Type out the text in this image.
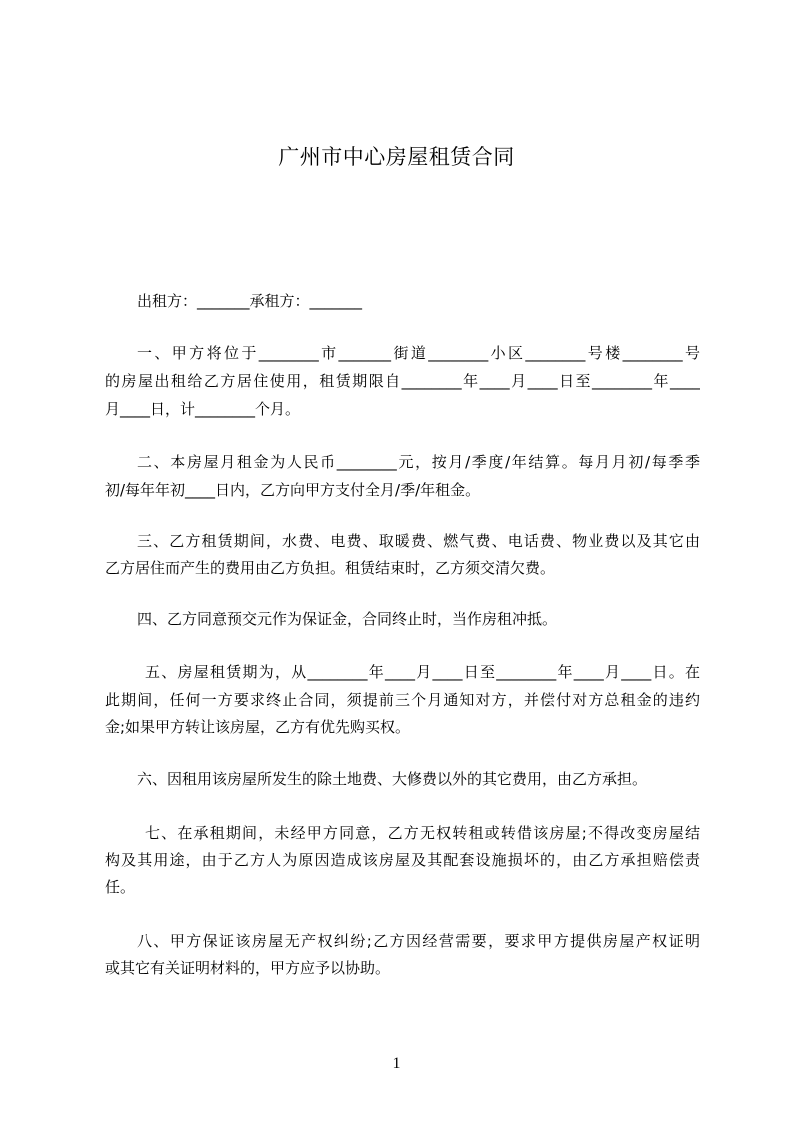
广州市中心房屋租赁合同
出租方：_______承租方：_______
一、甲方将位于________市_______街道________小区________号楼________号
的房屋出租给乙方居住使用，租赁期限自________年____月____日至________年____
月____日，计________个月。
二、本房屋月租金为人民币________元，按月/季度/年结算。每月月初/每季季
初/每年年初____日内，乙方向甲方支付全月/季/年租金。
三、乙方租赁期间，水费、电费、取暖费、燃气费、电话费、物业费以及其它由
乙方居住而产生的费用由乙方负担。租赁结束时，乙方须交清欠费。
四、乙方同意预交元作为保证金，合同终止时，当作房租冲抵。
五、房屋租赁期为，从________年____月____日至________年____月____日。在
此期间，任何一方要求终止合同，须提前三个月通知对方，并偿付对方总租金的违约
金;如果甲方转让该房屋，乙方有优先购买权。
六、因租用该房屋所发生的除土地费、大修费以外的其它费用，由乙方承担。
七、在承租期间，未经甲方同意，乙方无权转租或转借该房屋;不得改变房屋结
构及其用途，由于乙方人为原因造成该房屋及其配套设施损坏的，由乙方承担赔偿责
任。
八、甲方保证该房屋无产权纠纷;乙方因经营需要，要求甲方提供房屋产权证明
或其它有关证明材料的，甲方应予以协助。
1
